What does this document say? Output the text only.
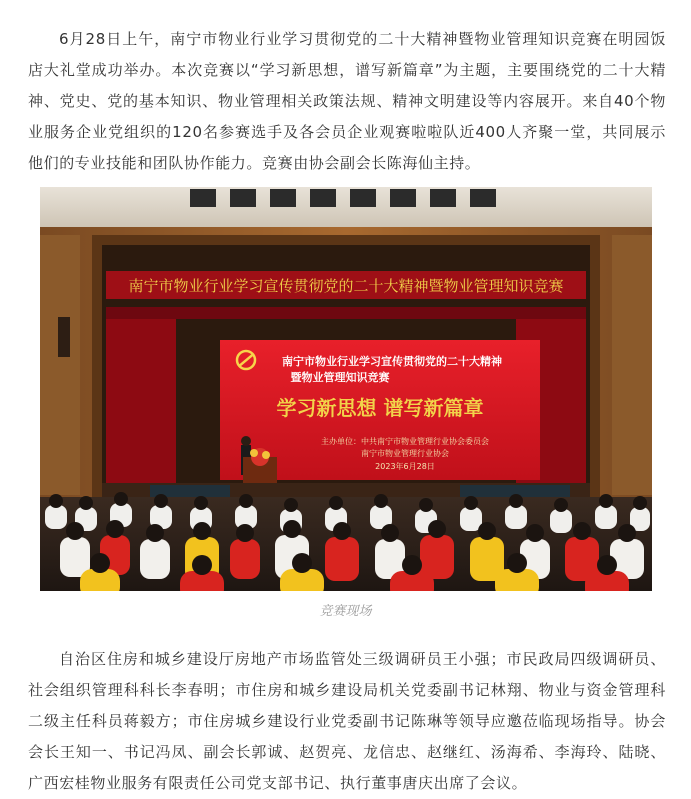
6月28日上午，南宁市物业行业学习贯彻党的二十大精神暨物业管理知识竞赛在明园饭店大礼堂成功举办。本次竞赛以“学习新思想，谱写新篇章”为主题，主要围绕党的二十大精神、党史、党的基本知识、物业管理相关政策法规、精神文明建设等内容展开。来自40个物业服务企业党组织的120名参赛选手及各会员企业观赛啦啦队近400人齐聚一堂，共同展示他们的专业技能和团队协作能力。竞赛由协会副会长陈海仙主持。

南宁市物业行业学习宣传贯彻党的二十大精神暨物业管理知识竞赛
南宁市物业行业学习宣传贯彻党的二十大精神
暨物业管理知识竞赛
学习新思想 谱写新篇章
主办单位：中共南宁市物业管理行业协会委员会
南宁市物业管理行业协会
2023年6月28日
竞赛现场

自治区住房和城乡建设厅房地产市场监管处三级调研员王小强；市民政局四级调研员、社会组织管理科科长李春明；市住房和城乡建设局机关党委副书记林翔、物业与资金管理科二级主任科员蒋毅方；市住房城乡建设行业党委副书记陈琳等领导应邀莅临现场指导。协会会长王知一、书记冯凤、副会长郭诚、赵贺亮、龙信忠、赵继红、汤海希、李海玲、陆晓、广西宏桂物业服务有限责任公司党支部书记、执行董事唐庆出席了会议。
